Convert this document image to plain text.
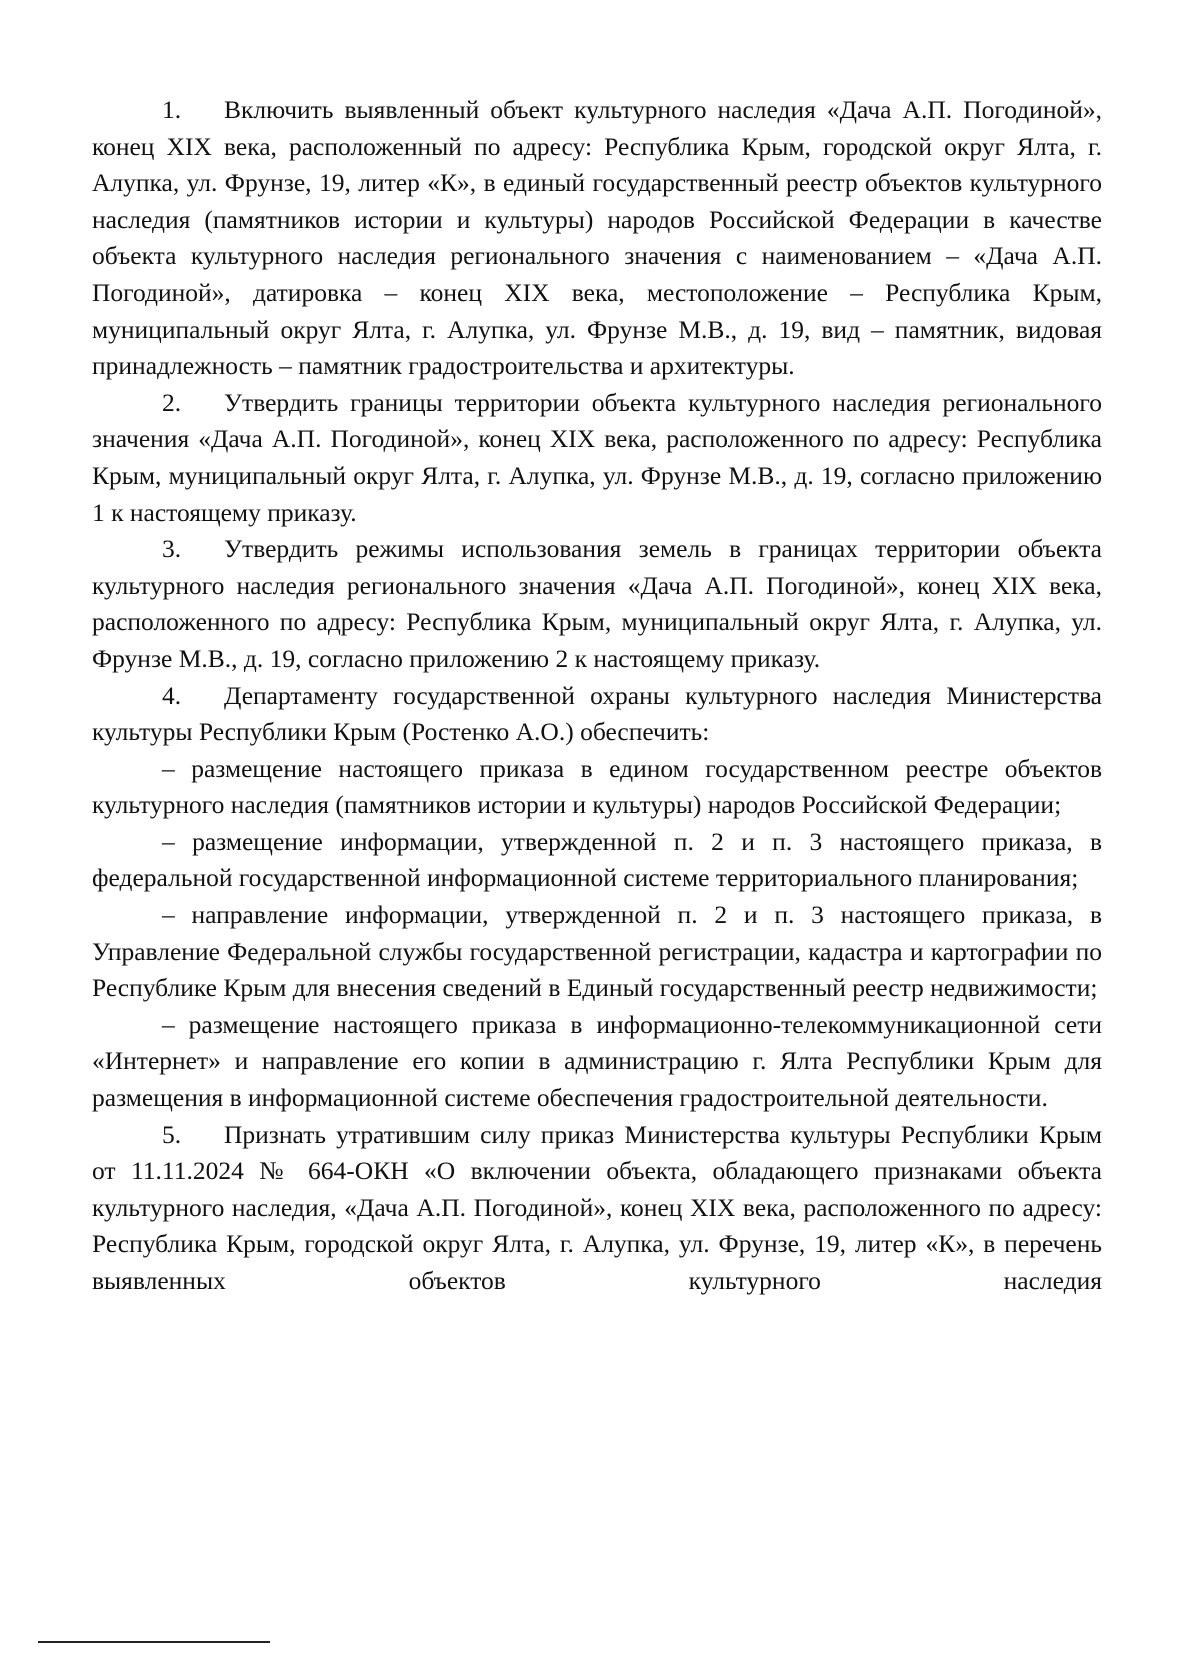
1. Включить выявленный объект культурного наследия «Дача А.П. Погодиной», конец XIX века, расположенный по адресу: Республика Крым, городской округ Ялта, г. Алупка, ул. Фрунзе, 19, литер «К», в единый государственный реестр объектов культурного наследия (памятников истории и культуры) народов Российской Федерации в качестве объекта культурного наследия регионального значения с наименованием – «Дача А.П. Погодиной», датировка – конец XIX века, местоположение – Республика Крым, муниципальный округ Ялта, г. Алупка, ул. Фрунзе М.В., д. 19, вид – памятник, видовая принадлежность – памятник градостроительства и архитектуры.

2. Утвердить границы территории объекта культурного наследия регионального значения «Дача А.П. Погодиной», конец XIX века, расположенного по адресу: Республика Крым, муниципальный округ Ялта, г. Алупка, ул. Фрунзе М.В., д. 19, согласно приложению 1 к настоящему приказу.

3. Утвердить режимы использования земель в границах территории объекта культурного наследия регионального значения «Дача А.П. Погодиной», конец XIX века, расположенного по адресу: Республика Крым, муниципальный округ Ялта, г. Алупка, ул. Фрунзе М.В., д. 19, согласно приложению 2 к настоящему приказу.

4. Департаменту государственной охраны культурного наследия Министерства культуры Республики Крым (Ростенко А.О.) обеспечить:

– размещение настоящего приказа в едином государственном реестре объектов культурного наследия (памятников истории и культуры) народов Российской Федерации;

– размещение информации, утвержденной п. 2 и п. 3 настоящего приказа, в федеральной государственной информационной системе территориального планирования;

– направление информации, утвержденной п. 2 и п. 3 настоящего приказа, в Управление Федеральной службы государственной регистрации, кадастра и картографии по Республике Крым для внесения сведений в Единый государственный реестр недвижимости;

– размещение настоящего приказа в информационно-телекоммуникационной сети «Интернет» и направление его копии в администрацию г. Ялта Республики Крым для размещения в информационной системе обеспечения градостроительной деятельности.

5. Признать утратившим силу приказ Министерства культуры Республики Крым от 11.11.2024 № 664-ОКН «О включении объекта, обладающего признаками объекта культурного наследия, «Дача А.П. Погодиной», конец XIX века, расположенного по адресу: Республика Крым, городской округ Ялта, г. Алупка, ул. Фрунзе, 19, литер «К», в перечень выявленных объектов культурного наследия
